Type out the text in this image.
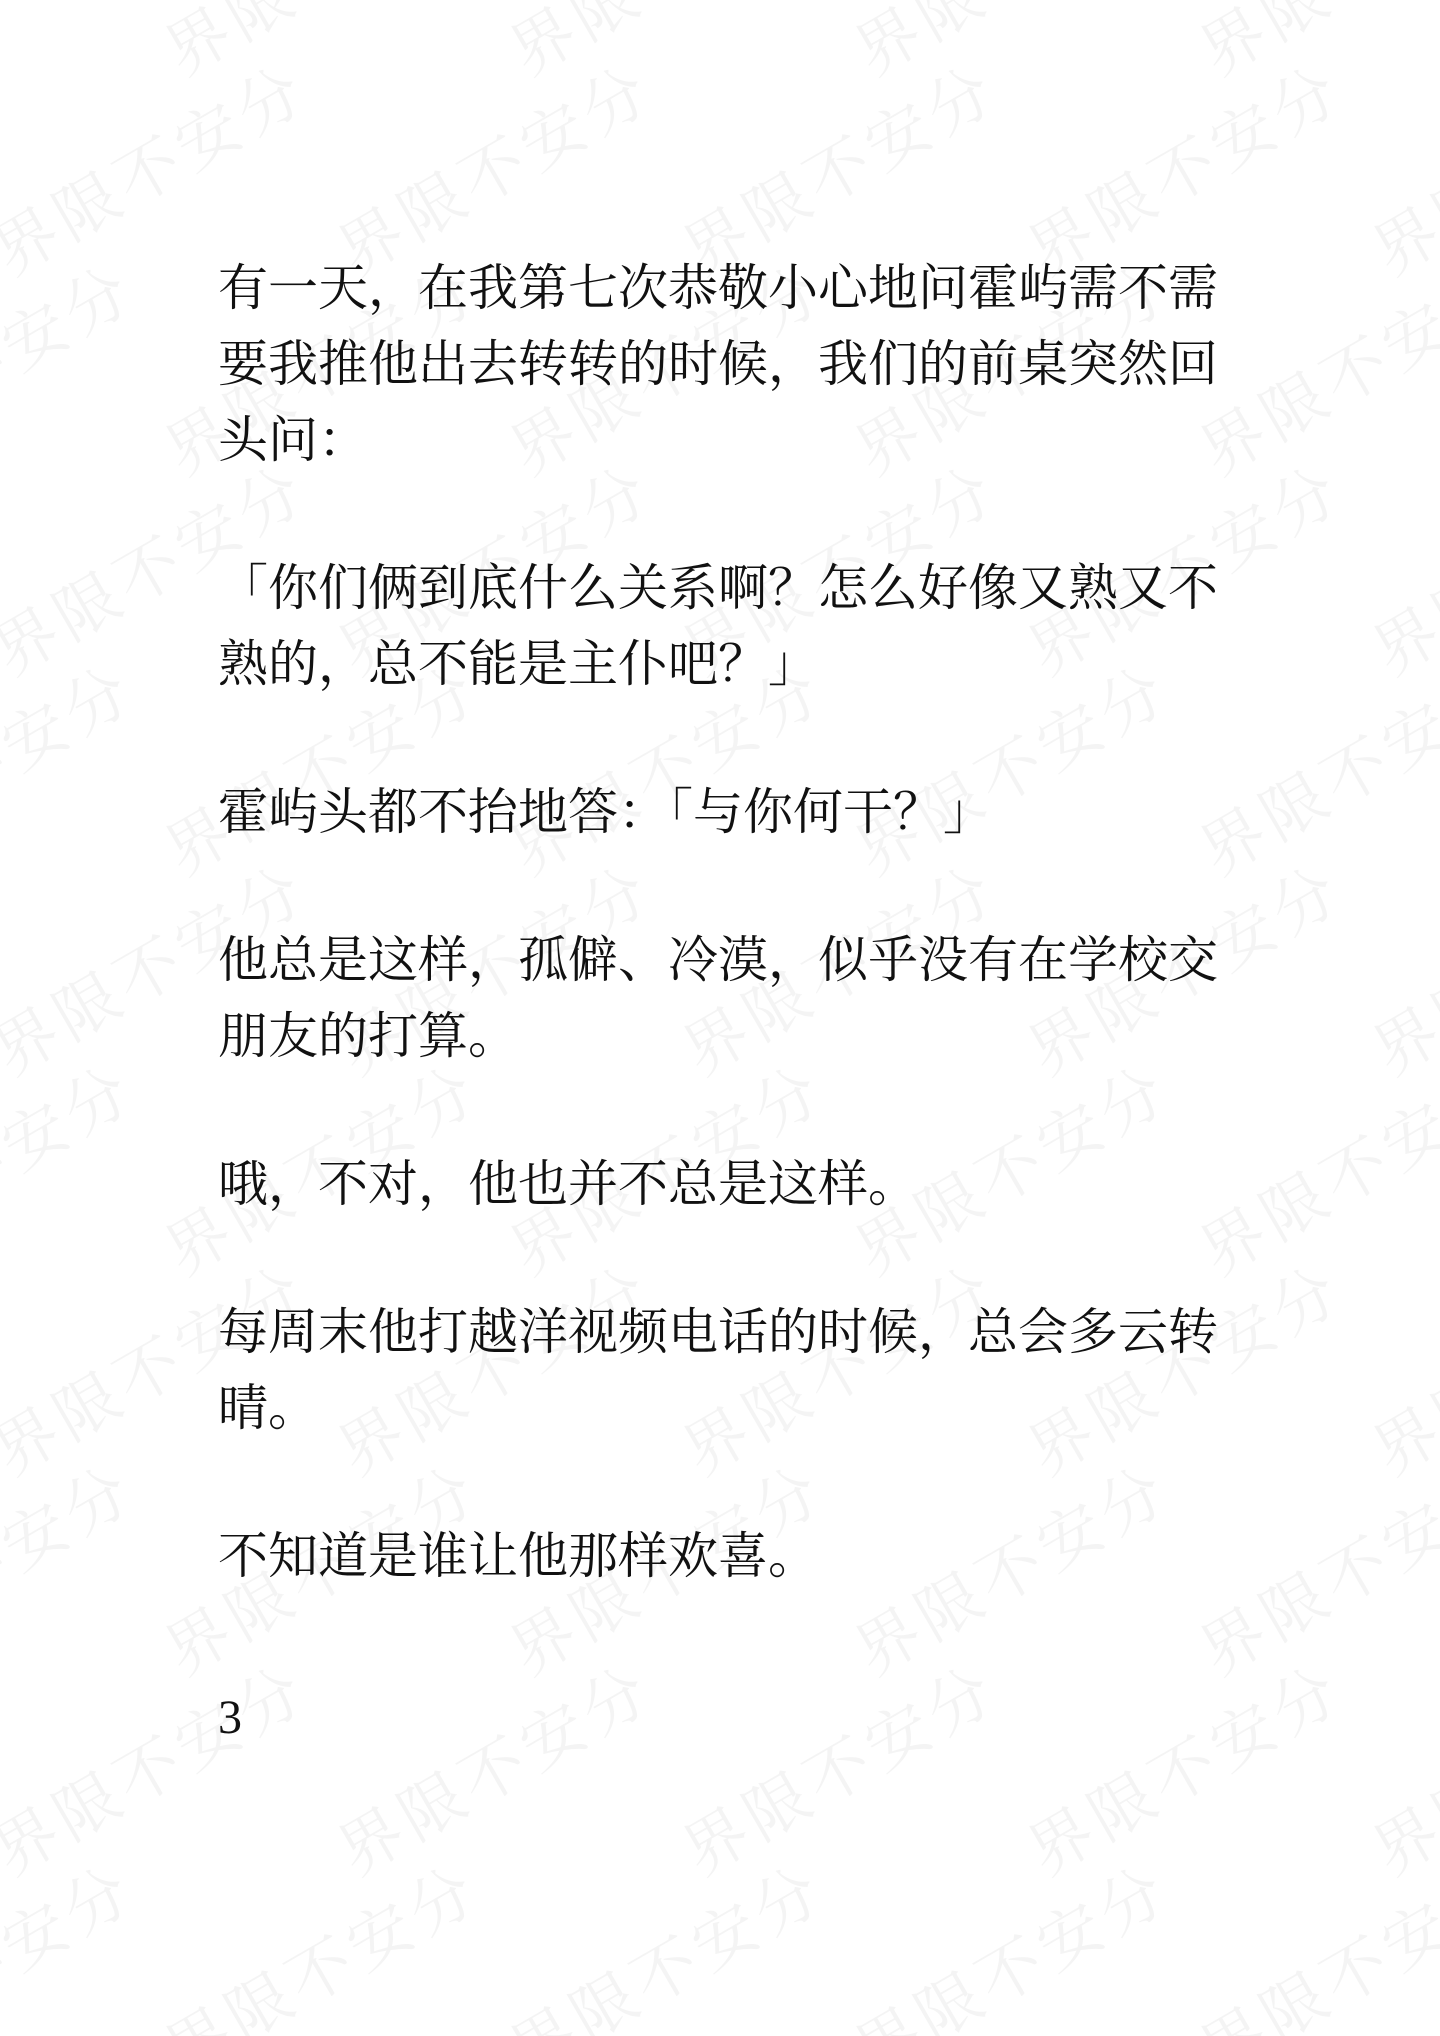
有一天，在我第七次恭敬小心地问霍屿需不需要我推他出去转转的时候，我们的前桌突然回头问：

「你们俩到底什么关系啊？怎么好像又熟又不熟的，总不能是主仆吧？」

霍屿头都不抬地答：「与你何干？」

他总是这样，孤僻、冷漠，似乎没有在学校交朋友的打算。

哦，不对，他也并不总是这样。

每周末他打越洋视频电话的时候，总会多云转晴。

不知道是谁让他那样欢喜。

3
